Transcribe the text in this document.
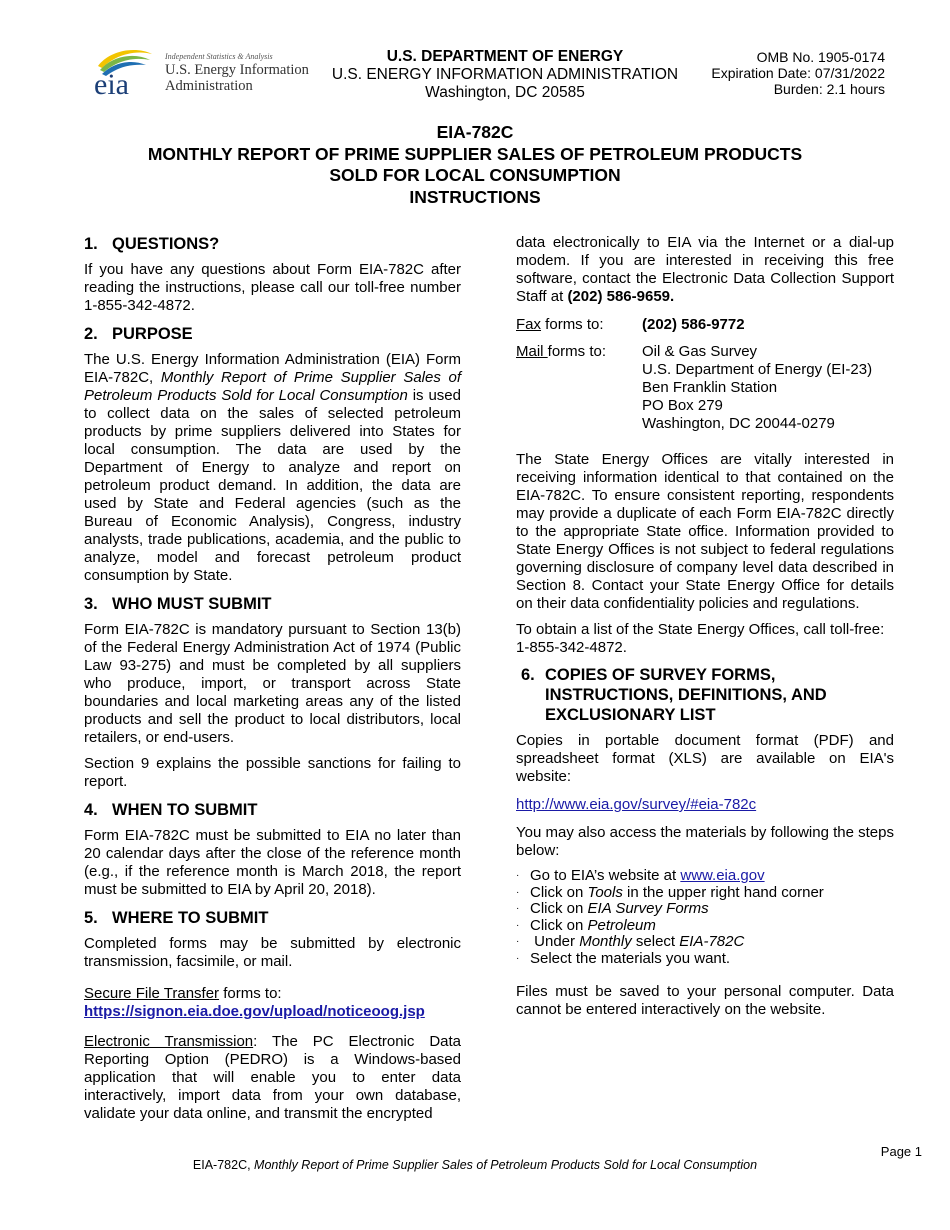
eia
Independent Statistics & Analysis
U.S. Energy Information
Administration
U.S. DEPARTMENT OF ENERGY
U.S. ENERGY INFORMATION ADMINISTRATION
Washington, DC 20585
OMB No. 1905-0174
Expiration Date: 07/31/2022
Burden: 2.1 hours
EIA-782C
MONTHLY REPORT OF PRIME SUPPLIER SALES OF PETROLEUM PRODUCTS
SOLD FOR LOCAL CONSUMPTION
INSTRUCTIONS
1. QUESTIONS?

If you have any questions about Form EIA-782C after reading the instructions, please call our toll-free number 1-855-342-4872.

2. PURPOSE

The U.S. Energy Information Administration (EIA) Form EIA-782C, Monthly Report of Prime Supplier Sales of Petroleum Products Sold for Local Consumption is used to collect data on the sales of selected petroleum products by prime suppliers delivered into States for local consumption. The data are used by the Department of Energy to analyze and report on petroleum product demand. In addition, the data are used by State and Federal agencies (such as the Bureau of Economic Analysis), Congress, industry analysts, trade publications, academia, and the public to analyze, model and forecast petroleum product consumption by State.

3. WHO MUST SUBMIT

Form EIA-782C is mandatory pursuant to Section 13(b) of the Federal Energy Administration Act of 1974 (Public Law 93-275) and must be completed by all suppliers who produce, import, or transport across State boundaries and local marketing areas any of the listed products and sell the product to local distributors, local retailers, or end-users.

Section 9 explains the possible sanctions for failing to report.

4. WHEN TO SUBMIT

Form EIA-782C must be submitted to EIA no later than 20 calendar days after the close of the reference month (e.g., if the reference month is March 2018, the report must be submitted to EIA by April 20, 2018).

5. WHERE TO SUBMIT

Completed forms may be submitted by electronic transmission, facsimile, or mail.

Secure File Transfer forms to:
https://signon.eia.doe.gov/upload/noticeoog.jsp

Electronic Transmission: The PC Electronic Data Reporting Option (PEDRO) is a Windows-based application that will enable you to enter data interactively, import data from your own database, validate your data online, and transmit the encrypted

data electronically to EIA via the Internet or a dial-up modem. If you are interested in receiving this free software, contact the Electronic Data Collection Support Staff at (202) 586-9659.

Fax forms to:	(202) 586-9772
Mail forms to:	Oil & Gas Survey
U.S. Department of Energy (EI-23)
Ben Franklin Station
PO Box 279
Washington, DC 20044-0279

The State Energy Offices are vitally interested in receiving information identical to that contained on the EIA-782C. To ensure consistent reporting, respondents may provide a duplicate of each Form EIA-782C directly to the appropriate State office. Information provided to State Energy Offices is not subject to federal regulations governing disclosure of company level data described in Section 8. Contact your State Energy Office for details on their data confidentiality policies and regulations.

To obtain a list of the State Energy Offices, call toll-free: 1-855-342-4872.

6. COPIES OF SURVEY FORMS, INSTRUCTIONS, DEFINITIONS, AND EXCLUSIONARY LIST

Copies in portable document format (PDF) and spreadsheet format (XLS) are available on EIA's website:

http://www.eia.gov/survey/#eia-782c

You may also access the materials by following the steps below:

· Go to EIA’s website at www.eia.gov
· Click on Tools in the upper right hand corner
· Click on EIA Survey Forms
· Click on Petroleum
· Under Monthly select EIA-782C
· Select the materials you want.

Files must be saved to your personal computer. Data cannot be entered interactively on the website.

Page 1
EIA-782C, Monthly Report of Prime Supplier Sales of Petroleum Products Sold for Local Consumption
